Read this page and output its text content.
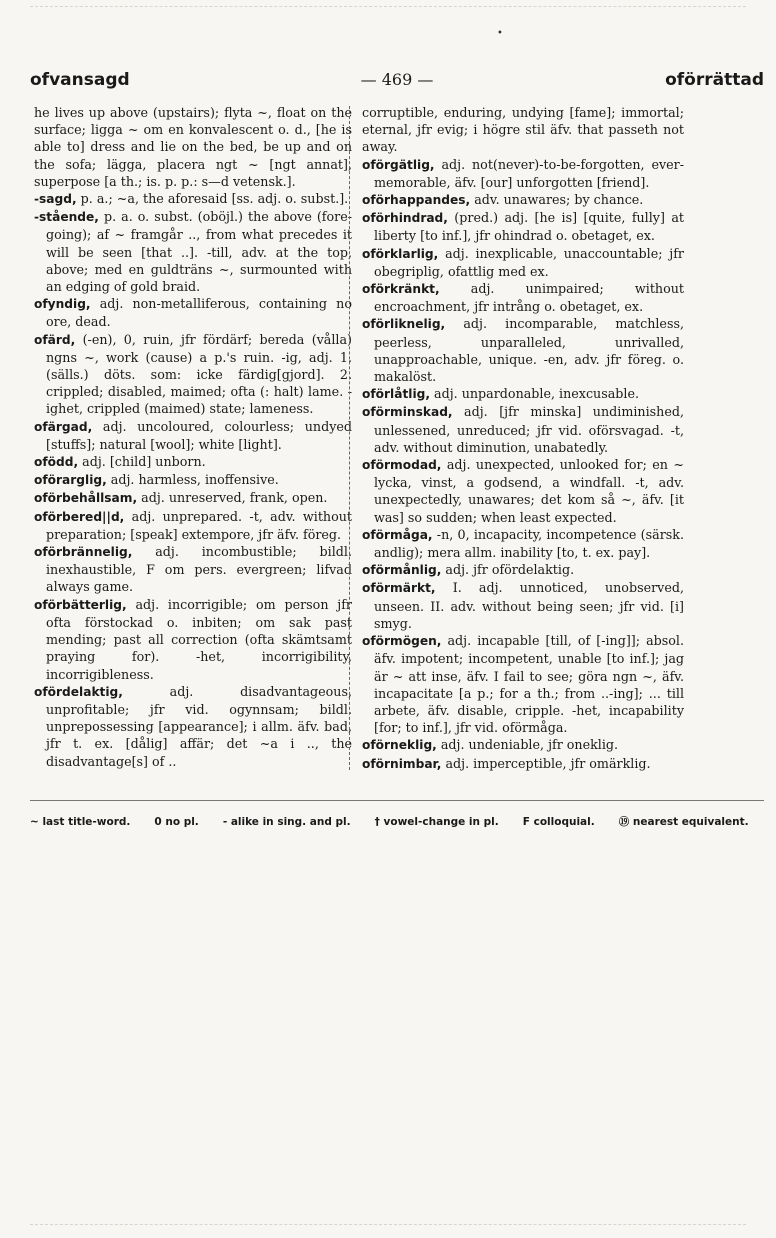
•
ofvansagd	— 469 —	oförrättad

he lives up above (upstairs); flyta ~, float on the surface; ligga ~ om en konvalescent o. d., [he is able to] dress and lie on the bed, be up and on the sofa; lägga, placera ngt ~ [ngt annat], superpose [a th.; is. p. p.: s—d vetensk.].

-sagd, p. a.; ~a, the aforesaid [ss. adj. o. subst.].

-stående, p. a. o. subst. (oböjl.) the above (fore-going); af ~ framgår .., from what precedes it will be seen [that ..]. -till, adv. at the top, above; med en guldträns ~, surmounted with an edging of gold braid.

ofyndig, adj. non-metalliferous, containing no ore, dead.

ofärd, (-en), 0, ruin, jfr fördärf; bereda (vålla) ngns ~, work (cause) a p.'s ruin. -ig, adj. 1. (sälls.) döts. som: icke färdig[gjord]. 2. crippled; disabled, maimed; ofta (: halt) lame. -ighet, crippled (maimed) state; lameness.

ofärgad, adj. uncoloured, colourless; undyed [stuffs]; natural [wool]; white [light].

ofödd, adj. [child] unborn.

oförarglig, adj. harmless, inoffensive.

oförbehållsam, adj. unreserved, frank, open.

oförbered||d, adj. unprepared. -t, adv. without preparation; [speak] extempore, jfr äfv. föreg.

oförbrännelig, adj. incombustible; bildl. inexhaustible, F om pers. evergreen; lifvad always game.

oförbätterlig, adj. incorrigible; om person jfr ofta förstockad o. inbiten; om sak past mending; past all correction (ofta skämtsamt praying for). -het, incorrigibility, incorrigibleness.

ofördelaktig, adj. disadvantageous, unprofitable; jfr vid. ogynnsam; bildl. unprepossessing [appearance]; i allm. äfv. bad, jfr t. ex. [dålig] affär; det ~a i .., the disadvantage[s] of ..

corruptible, enduring, undying [fame]; immortal; eternal, jfr evig; i högre stil äfv. that passeth not away.

oförgätlig, adj. not(never)-to-be-forgotten, ever-memorable, äfv. [our] unforgotten [friend].

oförhappandes, adv. unawares; by chance.

oförhindrad, (pred.) adj. [he is] [quite, fully] at liberty [to inf.], jfr ohindrad o. obetaget, ex.

oförklarlig, adj. inexplicable, unaccountable; jfr obegriplig, ofattlig med ex.

oförkränkt, adj. unimpaired; without encroachment, jfr intrång o. obetaget, ex.

oförliknelig, adj. incomparable, matchless, peerless, unparalleled, unrivalled, unapproachable, unique. -en, adv. jfr föreg. o. makalöst.

oförlåtlig, adj. unpardonable, inexcusable.

oförminskad, adj. [jfr minska] undiminished, unlessened, unreduced; jfr vid. oförsvagad. -t, adv. without diminution, unabatedly.

oförmodad, adj. unexpected, unlooked for; en ~ lycka, vinst, a godsend, a windfall. -t, adv. unexpectedly, unawares; det kom så ~, äfv. [it was] so sudden; when least expected.

oförmåga, -n, 0, incapacity, incompetence (särsk. andlig); mera allm. inability [to, t. ex. pay].

oförmånlig, adj. jfr ofördelaktig.

oförmärkt, I. adj. unnoticed, unobserved, unseen. II. adv. without being seen; jfr vid. [i] smyg.

oförmögen, adj. incapable [till, of [-ing]]; absol. äfv. impotent; incompetent, unable [to inf.]; jag är ~ att inse, äfv. I fail to see; göra ngn ~, äfv. incapacitate [a p.; for a th.; from ..-ing]; ... till arbete, äfv. disable, cripple. -het, incapability [for; to inf.], jfr vid. oförmåga.

oförneklig, adj. undeniable, jfr oneklig.

oförnimbar, adj. imperceptible, jfr omärklig.

~ last title-word. 0 no pl. - alike in sing. and pl. † vowel-change in pl. F colloquial. ⑲ nearest equivalent.
